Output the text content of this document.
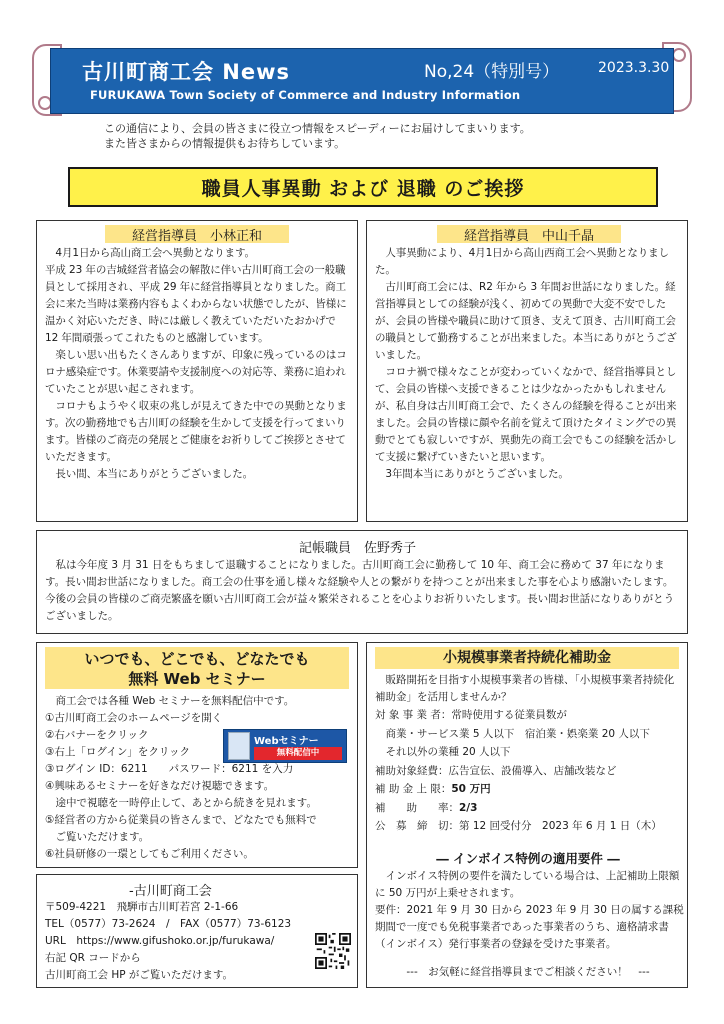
古川町商工会 News	No,24（特別号）	2023.3.30
FURUKAWA Town Society of Commerce and Industry Information
この通信により、会員の皆さまに役立つ情報をスピーディーにお届けしてまいります。
また皆さまからの情報提供もお待ちしています。
職員人事異動 および 退職 のご挨拶
経営指導員　小林正和
　4月1日から高山商工会へ異動となります。
平成 23 年の吉城経営者協会の解散に伴い古川町商工会の一般職員として採用され、平成 29 年に経営指導員となりました。商工会に来た当時は業務内容もよくわからない状態でしたが、皆様に温かく対応いただき、時には厳しく教えていただいたおかげで 12 年間頑張ってこれたものと感謝しています。
　楽しい思い出もたくさんありますが、印象に残っているのはコロナ感染症です。休業要請や支援制度への対応等、業務に追われていたことが思い起こされます。
　コロナもようやく収束の兆しが見えてきた中での異動となります。次の勤務地でも古川町の経験を生かして支援を行ってまいります。皆様のご商売の発展とご健康をお祈りしてご挨拶とさせていただきます。
　長い間、本当にありがとうございました。
経営指導員　中山千晶
　人事異動により、4月1日から高山西商工会へ異動となりました。
　古川町商工会には、R2 年から 3 年間お世話になりました。経営指導員としての経験が浅く、初めての異動で大変不安でしたが、会員の皆様や職員に助けて頂き、支えて頂き、古川町商工会の職員として勤務することが出来ました。本当にありがとうございました。
　コロナ禍で様々なことが変わっていくなかで、経営指導員として、会員の皆様へ支援できることは少なかったかもしれませんが、私自身は古川町商工会で、たくさんの経験を得ることが出来ました。会員の皆様に顔や名前を覚えて頂けたタイミングでの異動でとても寂しいですが、異動先の商工会でもこの経験を活かして支援に繋げていきたいと思います。
　3年間本当にありがとうございました。
記帳職員　佐野秀子
　私は今年度 3 月 31 日をもちまして退職することになりました。古川町商工会に勤務して 10 年、商工会に務めて 37 年になります。長い間お世話になりました。商工会の仕事を通し様々な経験や人との繋がりを持つことが出来ました事を心より感謝いたします。今後の会員の皆様のご商売繁盛を願い古川町商工会が益々繁栄されることを心よりお祈りいたします。長い間お世話になりありがとうございました。
いつでも、どこでも、どなたでも
無料 Web セミナー
　商工会では各種 Web セミナーを無料配信中です。
①古川町商工会のホームページを開く
②右バナーをクリック
③右上「ログイン」をクリック
③ログイン ID：6211　　パスワード：6211 を入力
④興味あるセミナーを好きなだけ視聴できます。
　途中で視聴を一時停止して、あとから続きを見れます。
⑤経営者の方から従業員の皆さんまで、どなたでも無料で
　ご覧いただけます。
⑥社員研修の一環としてもご利用ください。
Webセミナー
無料配信中
小規模事業者持続化補助金
　販路開拓を目指す小規模事業者の皆様、「小規模事業者持続化補助金」を活用しませんか？
対 象 事 業 者：常時使用する従業員数が
　商業・サービス業 5 人以下　宿泊業・娯楽業 20 人以下
　それ以外の業種 20 人以下
補助対象経費：広告宣伝、設備導入、店舗改装など
補 助 金 上 限：50 万円
補　　助　　率：2/3
公　募　締　切：第 12 回受付分　2023 年 6 月 1 日（木）
― インボイス特例の適用要件 ―
　インボイス特例の要件を満たしている場合は、上記補助上限額に 50 万円が上乗せされます。
要件：2021 年 9 月 30 日から 2023 年 9 月 30 日の属する課税期間で一度でも免税事業者であった事業者のうち、適格請求書（インボイス）発行事業者の登録を受けた事業者。
---　お気軽に経営指導員までご相談ください！　---
-古川町商工会
〒509-4221　飛騨市古川町若宮 2-1-66
TEL（0577）73-2624　/　FAX（0577）73-6123
URL　https://www.gifushoko.or.jp/furukawa/
右記 QR コードから
古川町商工会 HP がご覧いただけます。
